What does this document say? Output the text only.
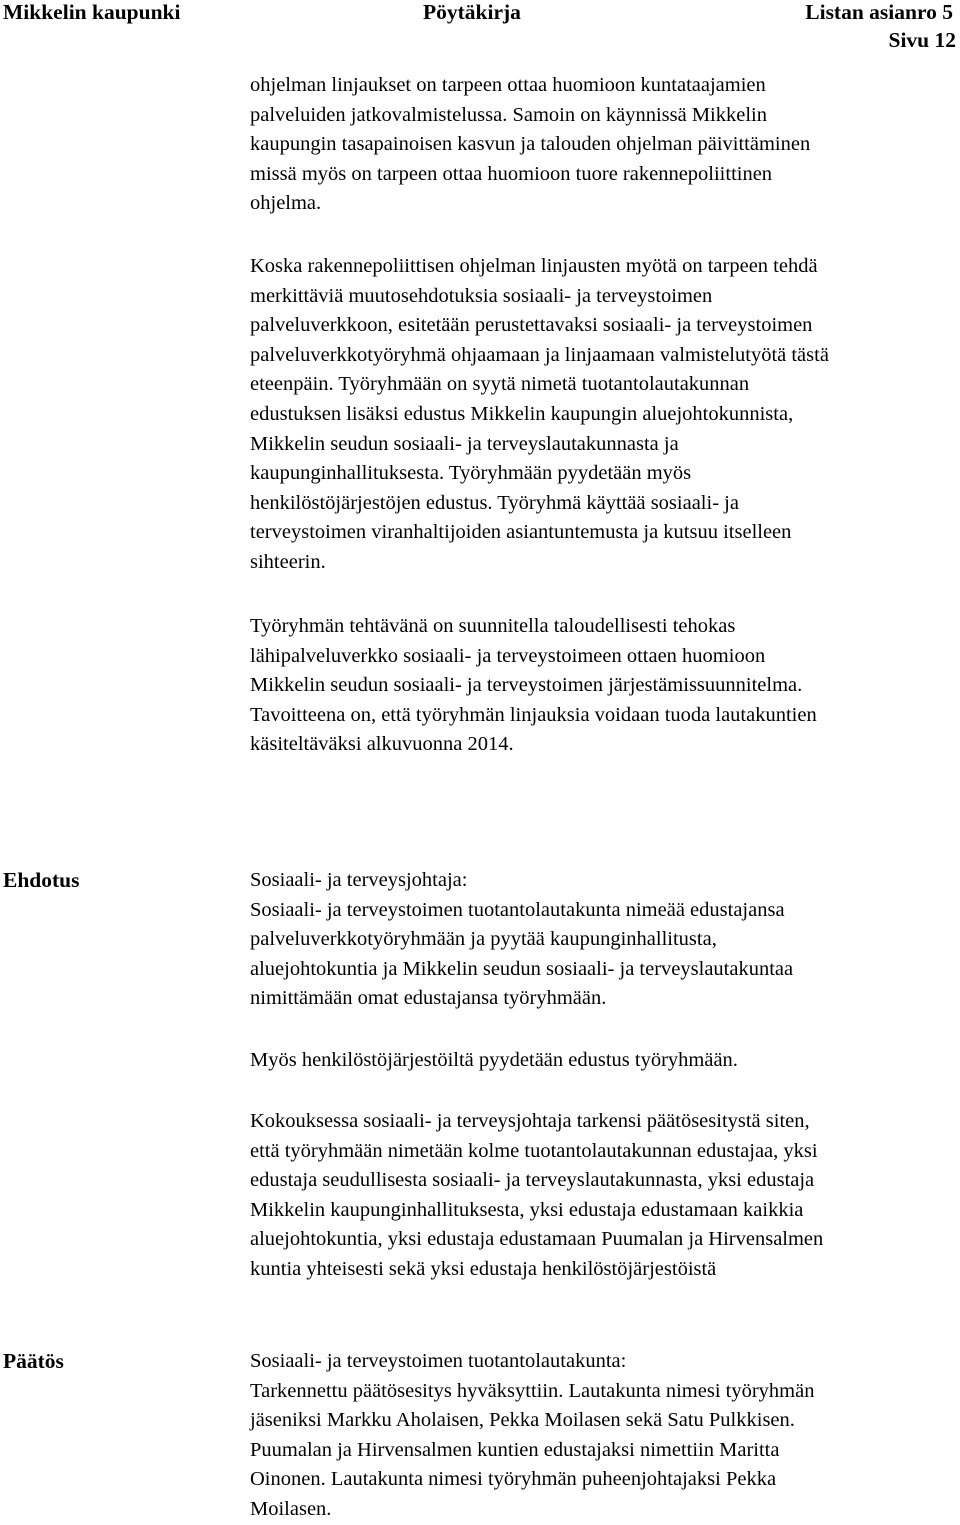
Mikkelin kaupunki	Pöytäkirja	Listan asianro 5
Sivu 12
ohjelman linjaukset on tarpeen ottaa huomioon kuntataajamien
palveluiden jatkovalmistelussa. Samoin on käynnissä Mikkelin
kaupungin tasapainoisen kasvun ja talouden ohjelman päivittäminen
missä myös on tarpeen ottaa huomioon tuore rakennepoliittinen
ohjelma.
Koska rakennepoliittisen ohjelman linjausten myötä on tarpeen tehdä
merkittäviä muutosehdotuksia sosiaali- ja terveystoimen
palveluverkkoon, esitetään perustettavaksi sosiaali- ja terveystoimen
palveluverkkotyöryhmä ohjaamaan ja linjaamaan valmistelutyötä tästä
eteenpäin. Työryhmään on syytä nimetä tuotantolautakunnan
edustuksen lisäksi edustus Mikkelin kaupungin aluejohtokunnista,
Mikkelin seudun sosiaali- ja terveyslautakunnasta ja
kaupunginhallituksesta. Työryhmään pyydetään myös
henkilöstöjärjestöjen edustus. Työryhmä käyttää sosiaali- ja
terveystoimen viranhaltijoiden asiantuntemusta ja kutsuu itselleen
sihteerin.
Työryhmän tehtävänä on suunnitella taloudellisesti tehokas
lähipalveluverkko sosiaali- ja terveystoimeen ottaen huomioon
Mikkelin seudun sosiaali- ja terveystoimen järjestämissuunnitelma.
Tavoitteena on, että työryhmän linjauksia voidaan tuoda lautakuntien
käsiteltäväksi alkuvuonna 2014.
Ehdotus	Sosiaali- ja terveysjohtaja:
Sosiaali- ja terveystoimen tuotantolautakunta nimeää edustajansa
palveluverkkotyöryhmään ja pyytää kaupunginhallitusta,
aluejohtokuntia ja Mikkelin seudun sosiaali- ja terveyslautakuntaa
nimittämään omat edustajansa työryhmään.
Myös henkilöstöjärjestöiltä pyydetään edustus työryhmään.
Kokouksessa sosiaali- ja terveysjohtaja tarkensi päätösesitystä siten,
että työryhmään nimetään kolme tuotantolautakunnan edustajaa, yksi
edustaja seudullisesta sosiaali- ja terveyslautakunnasta, yksi edustaja
Mikkelin kaupunginhallituksesta, yksi edustaja edustamaan kaikkia
aluejohtokuntia, yksi edustaja edustamaan Puumalan ja Hirvensalmen
kuntia yhteisesti sekä yksi edustaja henkilöstöjärjestöistä
Päätös	Sosiaali- ja terveystoimen tuotantolautakunta:
Tarkennettu päätösesitys hyväksyttiin. Lautakunta nimesi työryhmän
jäseniksi Markku Aholaisen, Pekka Moilasen sekä Satu Pulkkisen.
Puumalan ja Hirvensalmen kuntien edustajaksi nimettiin Maritta
Oinonen. Lautakunta nimesi työryhmän puheenjohtajaksi Pekka
Moilasen.
